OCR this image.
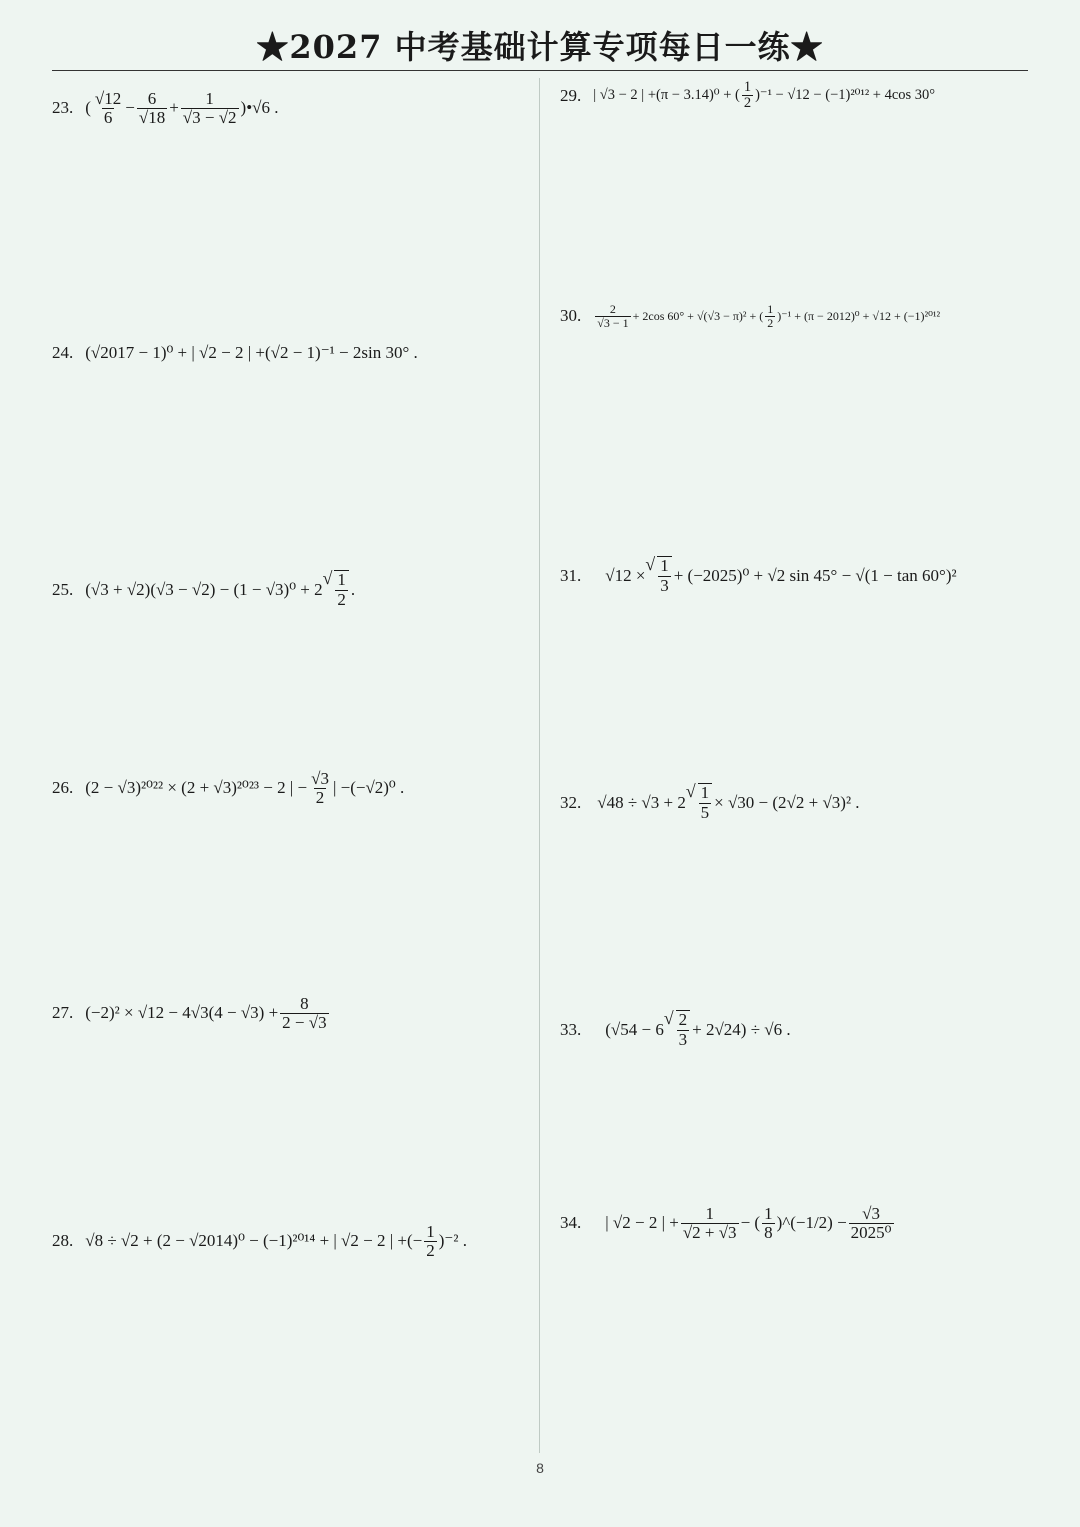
★2027 中考基础计算专项每日一练★
23. ( $\frac{√12}{6} - \frac{6}{√18} + \frac{1}{√3 - √2}$ )•√6 .
24. (√2017 − 1)⁰ + | √2 − 2 | +(√2 − 1)⁻¹ − 2sin 30° .
25. (√3 + √2)(√3 − √2) − (1 − √3)⁰ + 2
√ $\frac{1}{2}$ .
26. (2 − √3)²⁰²² × (2 + √3)²⁰²³ − 2 | − $\frac{√3}{2}$ | −(−√2)⁰ .
27. $(-2)^2 \times √12 - 4√3(4 - √3) + \frac{8}{2 - √3}$
28. √8 ÷ √2 + (2 − √2014)⁰ − (−1)²⁰¹⁴ + | √2 − 2 | +(− $\frac{1}{2} )^{-2}$ .
29. | √3 − 2 | +(π − 3.14)⁰ + ( $\frac{1}{2} )^{-1} - √12 - (-1)^{2012} + 4\cos$ 30°
30. $\frac{2}{√3 - 1} + 2\cos$ 60° + √(√3 − π)² + ( $\frac{1}{2} )^{-1} + (\pi - 2012)^0 + √12 + (-1)^{2012}$
31. √12 ×
√ $\frac{1}{3} + (-2025)^0 + √2$ sin 45° − √(1 − tan 60°)²
32. √48 ÷ √3 + 2
√ $\frac{1}{5} \times √30 - (2√2 + √3)^2$ .
33. (√54 − 6
√ $\frac{2}{3} + 2√24) \div √6$ .
34. | √2 − 2 | + $\frac{1}{√2 + √3}$ − ( $\frac{1}{8}$ )^(−1/2) − $\frac{√3}{\text{2025⁰}}$
8
